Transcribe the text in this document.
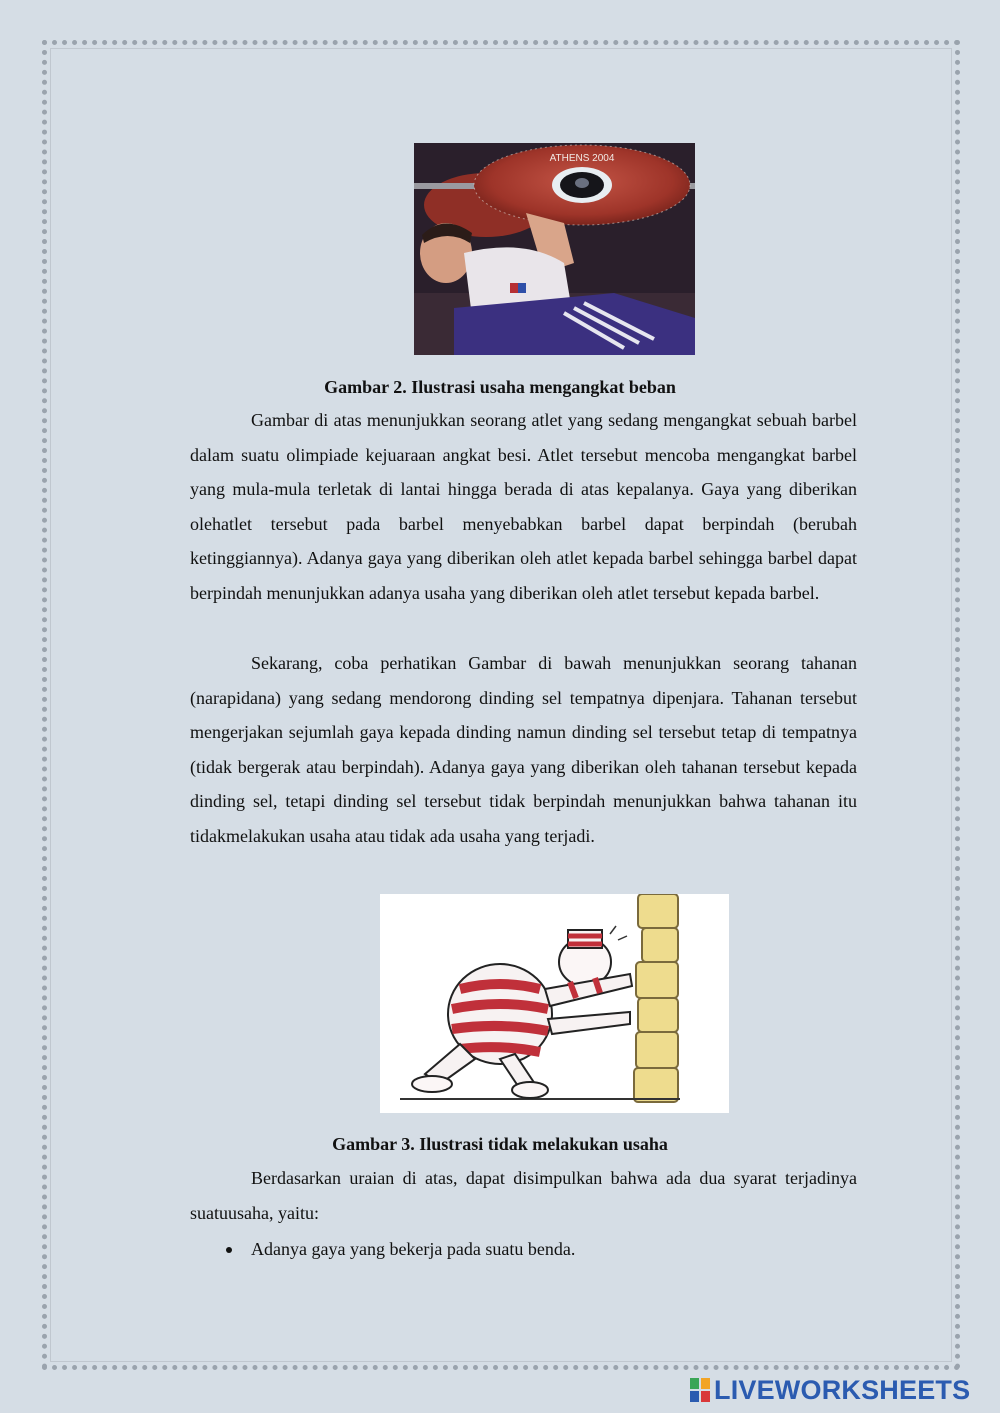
ATHENS 2004
Gambar 2. Ilustrasi usaha mengangkat beban

Gambar di atas menunjukkan seorang atlet yang sedang mengangkat sebuah barbel dalam suatu olimpiade kejuaraan angkat besi. Atlet tersebut mencoba mengangkat barbel yang mula-mula terletak di lantai hingga berada di atas kepalanya. Gaya yang diberikan olehatlet tersebut pada barbel menyebabkan barbel dapat berpindah (berubah ketinggiannya). Adanya gaya yang diberikan oleh atlet kepada barbel sehingga barbel dapat berpindah menunjukkan adanya usaha yang diberikan oleh atlet tersebut kepada barbel.

Sekarang, coba perhatikan Gambar di bawah menunjukkan seorang tahanan (narapidana) yang sedang mendorong dinding sel tempatnya dipenjara. Tahanan tersebut mengerjakan sejumlah gaya kepada dinding namun dinding sel tersebut tetap di tempatnya (tidak bergerak atau berpindah). Adanya gaya yang diberikan oleh tahanan tersebut kepada dinding sel, tetapi dinding sel tersebut tidak berpindah menunjukkan bahwa tahanan itu tidakmelakukan usaha atau tidak ada usaha yang terjadi.

Gambar 3. Ilustrasi tidak melakukan usaha

Berdasarkan uraian di atas, dapat disimpulkan bahwa ada dua syarat terjadinya suatuusaha, yaitu:

Adanya gaya yang bekerja pada suatu benda.
LIVEWORKSHEETS
